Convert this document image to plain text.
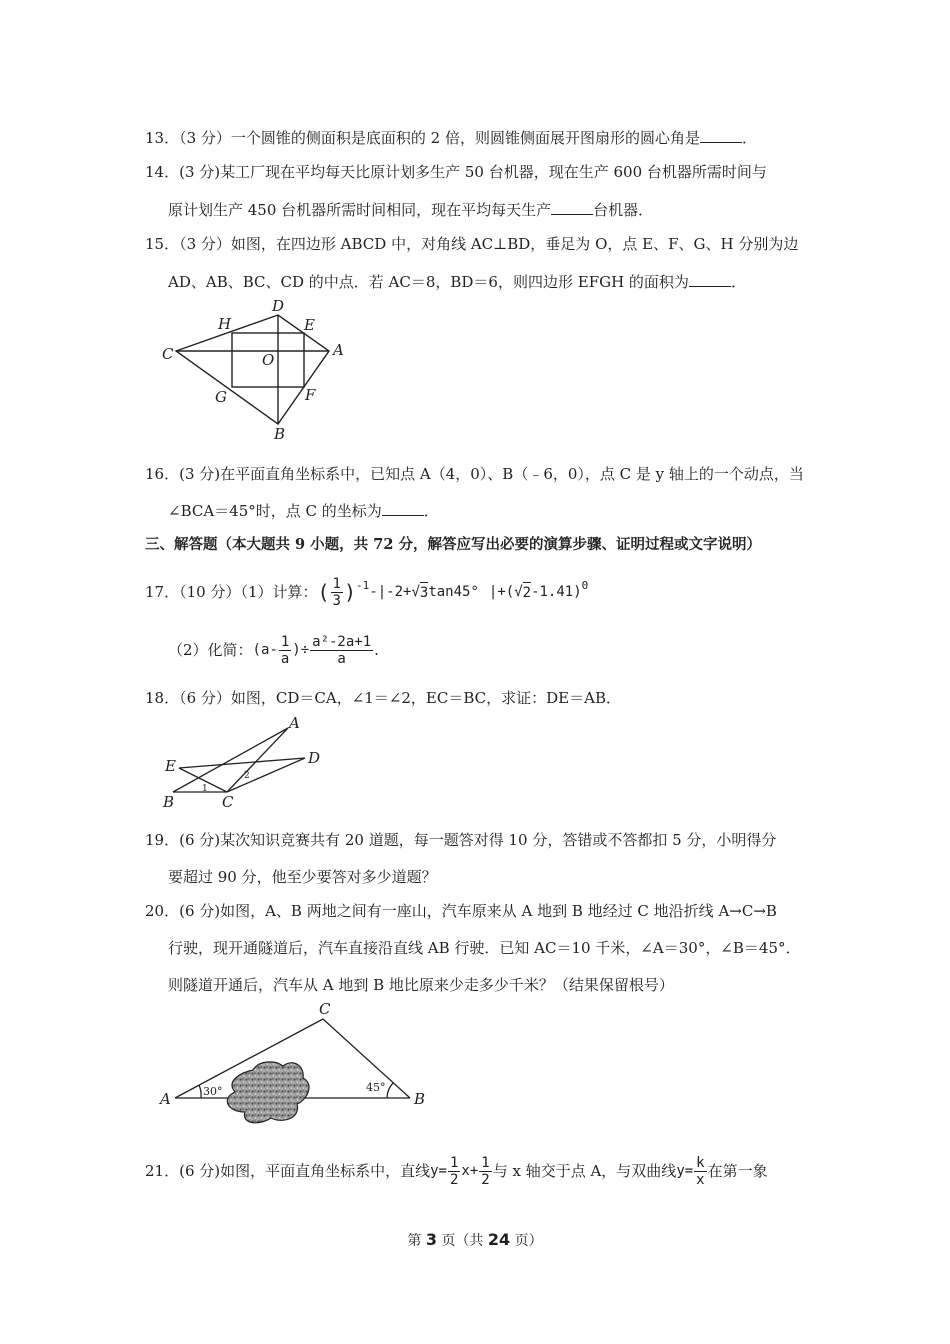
13．（3 分）一个圆锥的侧面积是底面积的 2 倍，则圆锥侧面展开图扇形的圆心角是	．
14．(3 分)某工厂现在平均每天比原计划多生产 50 台机器，现在生产 600 台机器所需时间与
原计划生产 450 台机器所需时间相同，现在平均每天生产	台机器．
15．（3 分）如图，在四边形 ABCD 中，对角线 AC⊥BD，垂足为 O，点 E、F、G、H 分别为边
AD、AB、BC、CD 的中点．若 AC＝8，BD＝6，则四边形 EFGH 的面积为	．
A
B
C
D
E
F
G
H
O
16．(3 分)在平面直角坐标系中，已知点 A（4，0）、B（﹣6，0），点 C 是 y 轴上的一个动点，当
∠BCA＝45°时，点 C 的坐标为	．
三、解答题（本大题共 9 小题，共 72 分，解答应写出必要的演算步骤、证明过程或文字说明）
17．（10 分）（1）计算： ( $\frac{1}{3} )^{-1}$ -|-2+ √ 3 tan45° |+( √ 2 -1.41)$^0$
（2）化简： ($a- \frac{1}{a}$ )÷ $\frac{\text{a²-2a+1}}{a}$ .
18．（6 分）如图，CD＝CA，∠1＝∠2，EC＝BC，求证：DE＝AB．
A
B	C
D
E
1
2
19．(6 分)某次知识竞赛共有 20 道题，每一题答对得 10 分，答错或不答都扣 5 分，小明得分
要超过 90 分，他至少要答对多少道题？
20．(6 分)如图，A、B 两地之间有一座山，汽车原来从 A 地到 B 地经过 C 地沿折线 A→C→B
行驶，现开通隧道后，汽车直接沿直线 AB 行驶．已知 AC＝10 千米，∠A＝30°，∠B＝45°．
则隧道开通后，汽车从 A 地到 B 地比原来少走多少千米？（结果保留根号）
A	B
C
30°	45°
21．(6 分)如图，平面直角坐标系中，直线 $y= \frac{1}{2} x+ \frac{1}{2}$ 与 x 轴交于点 A，与双曲线 $y= \frac{k}{x}$ 在第一象
第 3 页（共 24 页）
